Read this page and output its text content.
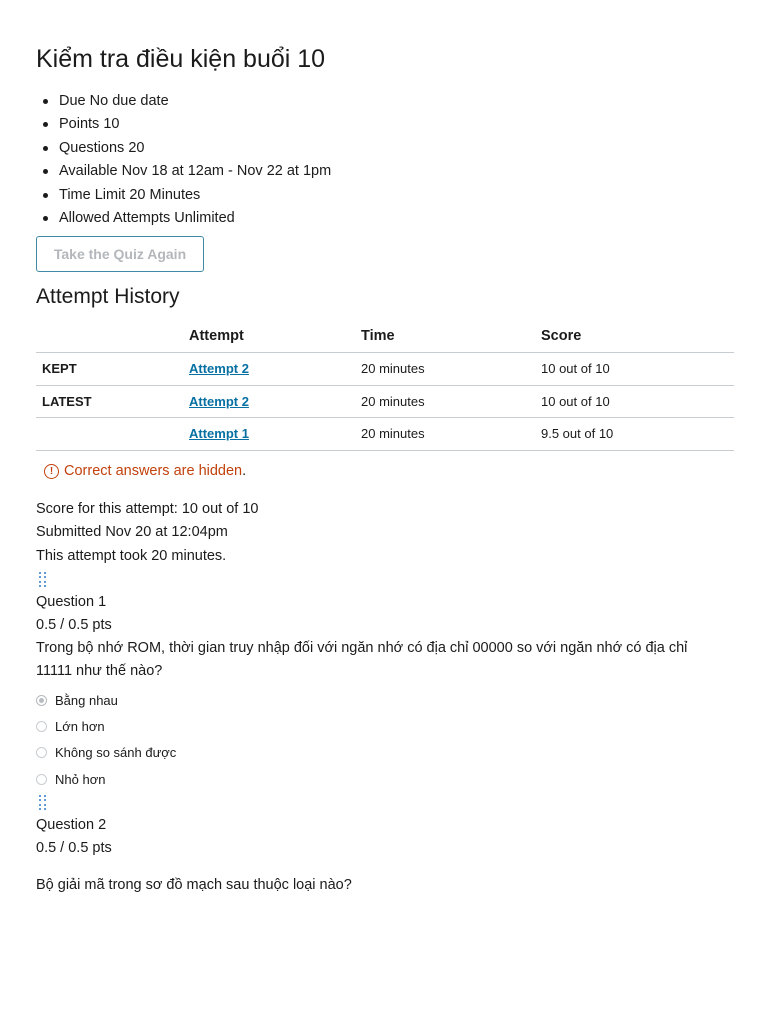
Kiểm tra điều kiện buổi 10
Due No due date
Points 10
Questions 20
Available Nov 18 at 12am - Nov 22 at 1pm
Time Limit 20 Minutes
Allowed Attempts Unlimited
Take the Quiz Again
Attempt History
	Attempt	Time	Score
KEPT	Attempt 2	20 minutes	10 out of 10
LATEST	Attempt 2	20 minutes	10 out of 10
	Attempt 1	20 minutes	9.5 out of 10
! Correct answers are hidden .
Score for this attempt: 10 out of 10
Submitted Nov 20 at 12:04pm
This attempt took 20 minutes.
Question 1
0.5 / 0.5 pts
Trong bộ nhớ ROM, thời gian truy nhập đối với ngăn nhớ có địa chỉ 00000 so với ngăn nhớ có địa chỉ 11111 như thế nào?
Bằng nhau
Lớn hơn
Không so sánh được
Nhỏ hơn
Question 2
0.5 / 0.5 pts
Bộ giải mã trong sơ đồ mạch sau thuộc loại nào?
